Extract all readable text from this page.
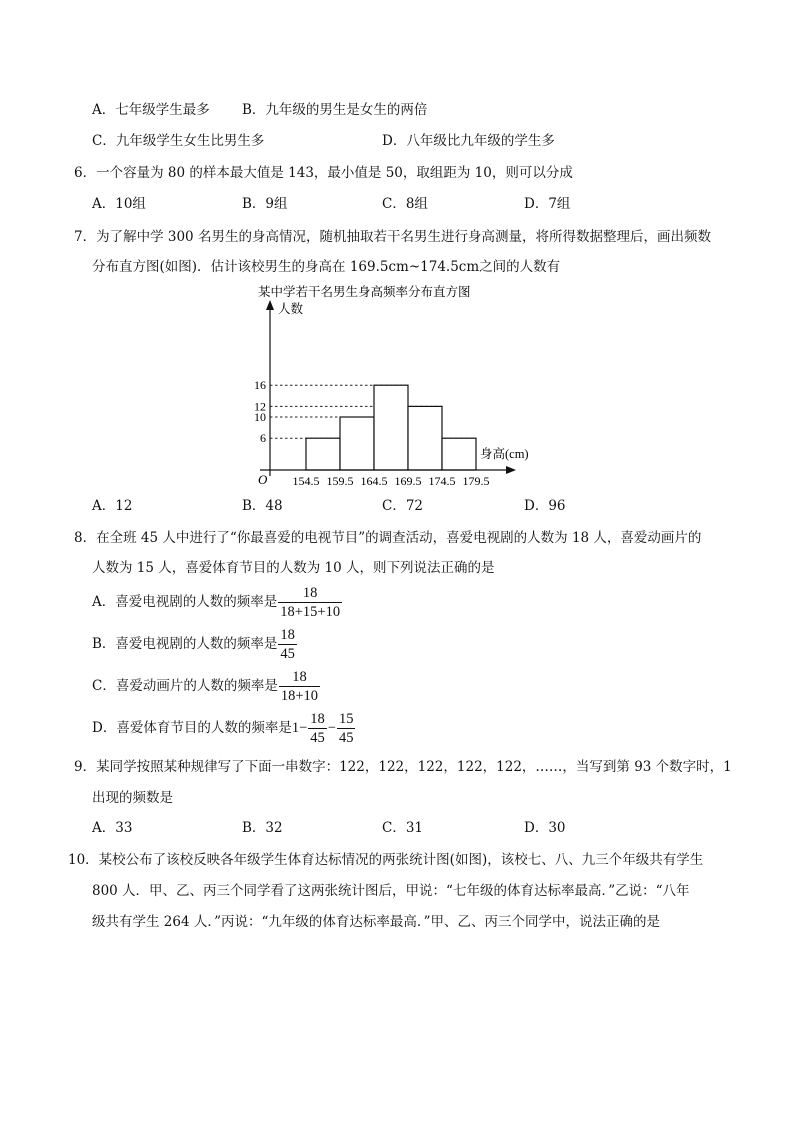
A．七年级学生最多 B．九年级的男生是女生的两倍
C．九年级学生女生比男生多	D．八年级比九年级的学生多
6．一个容量为 80 的样本最大值是 143，最小值是 50，取组距为 10，则可以分成
A．10组	B．9组	C．8组	D．7组
7．为了解中学 300 名男生的身高情况，随机抽取若干名男生进行身高测量，将所得数据整理后，画出频数
分布直方图(如图)．估计该校男生的身高在 169.5cm~174.5cm之间的人数有
某中学若干名男生身高频率分布直方图
人数
身高(cm)
O
6
10
12
16
154.5 159.5 164.5 169.5 174.5 179.5
A．12	B．48	C．72	D．96
8．在全班 45 人中进行了“你最喜爱的电视节目”的调查活动，喜爱电视剧的人数为 18 人，喜爱动画片的
人数为 15 人，喜爱体育节目的人数为 10 人，则下列说法正确的是
A．喜爱电视剧的人数的频率是 $\frac{18}{18+15+10}$
B．喜爱电视剧的人数的频率是 $\frac{18}{45}$
C．喜爱动画片的人数的频率是 $\frac{18}{18+10}$
D．喜爱体育节目的人数的频率是$1- \frac{18}{45} - \frac{15}{45}$
9．某同学按照某种规律写了下面一串数字：122，122，122，122，122，……，当写到第 93 个数字时，1
出现的频数是
A．33	B．32	C．31	D．30
10．某校公布了该校反映各年级学生体育达标情况的两张统计图(如图)，该校七、八、九三个年级共有学生
800 人．甲、乙、丙三个同学看了这两张统计图后，甲说：“七年级的体育达标率最高．”乙说：“八年
级共有学生 264 人．”丙说：“九年级的体育达标率最高．”甲、乙、丙三个同学中，说法正确的是
